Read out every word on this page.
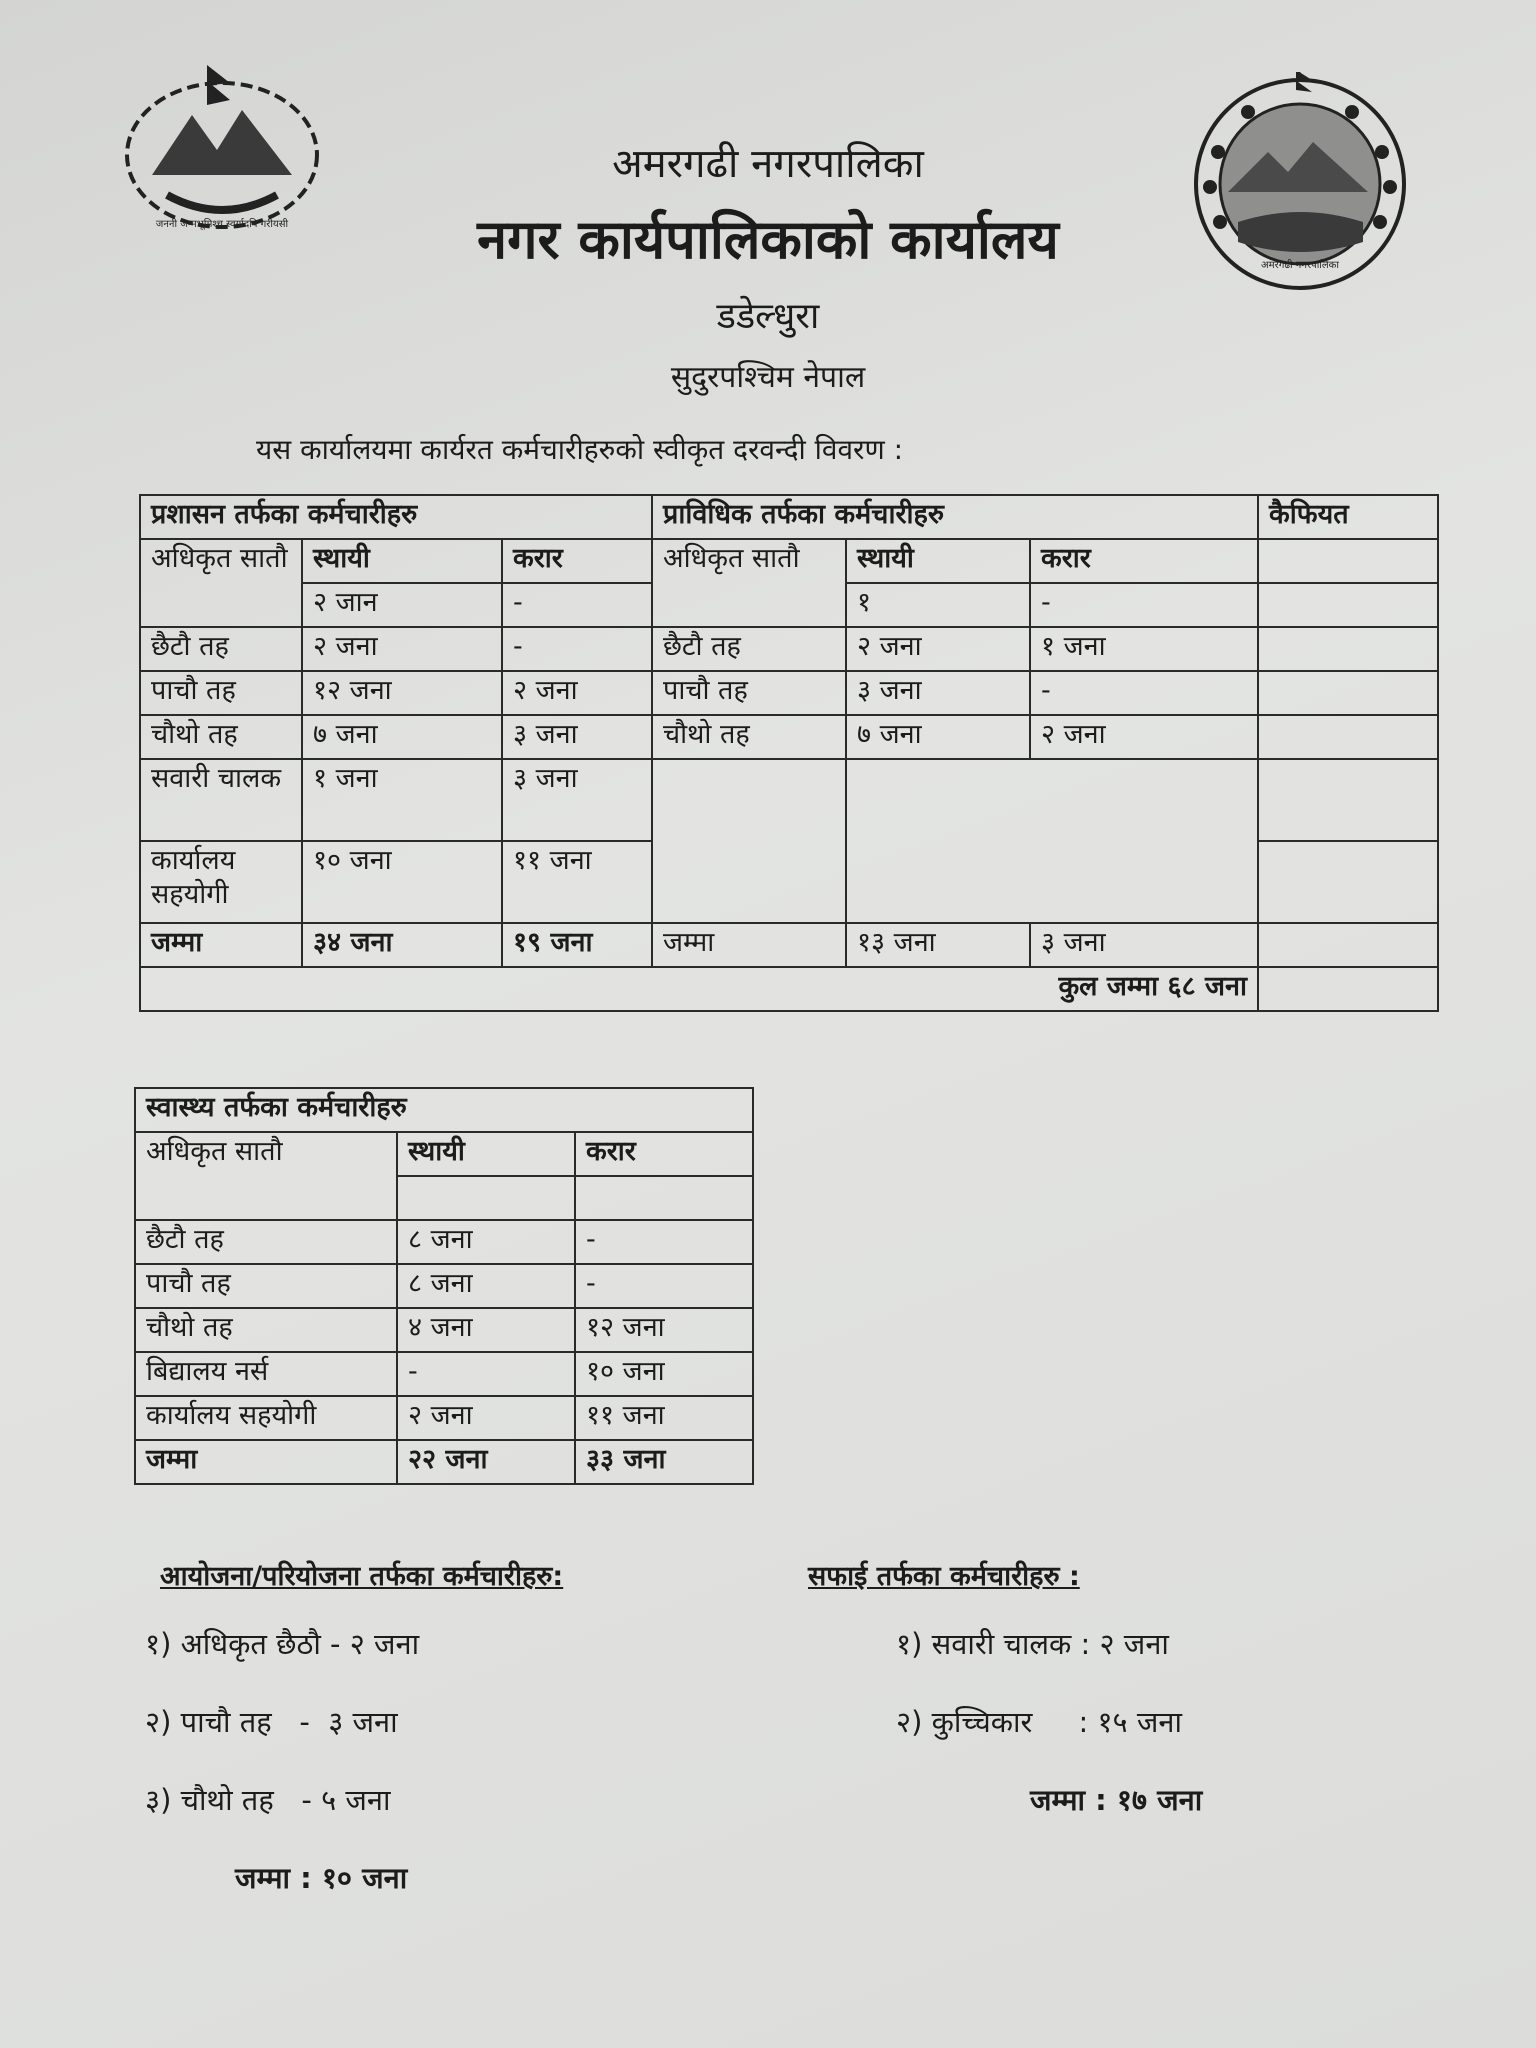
जननी जन्मभूमिश्च स्वर्गादपि गरीयसी
अमरगढी नगरपालिका
अमरगढी नगरपालिका
नगर कार्यपालिकाको कार्यालय
डडेल्धुरा
सुदुरपश्चिम नेपाल
यस कार्यालयमा कार्यरत कर्मचारीहरुको स्वीकृत दरवन्दी विवरण :
प्रशासन तर्फका कर्मचारीहरु			प्राविधिक तर्फका कर्मचारीहरु			कैफियत
अधिकृत सातौ	स्थायी	करार	अधिकृत सातौ	स्थायी	करार	
	२ जान	-		१	-	
छैटौ तह	२ जना	-	छैटौ तह	२ जना	१ जना	
पाचौ तह	१२ जना	२ जना	पाचौ तह	३ जना	-	
चौथो तह	७ जना	३ जना	चौथो तह	७ जना	२ जना	
सवारी चालक	१ जना	३ जना				
कार्यालय सहयोगी	१० जना	११ जना				
जम्मा	३४ जना	१९ जना	जम्मा	१३ जना	३ जना	
कुल जम्मा ६८ जना						
स्वास्थ्य तर्फका कर्मचारीहरु		
अधिकृत सातौ	स्थायी	करार

छैटौ तह	८ जना	-
पाचौ तह	८ जना	-
चौथो तह	४ जना	१२ जना
बिद्यालय नर्स	-	१० जना
कार्यालय सहयोगी	२ जना	११ जना
जम्मा	२२ जना	३३ जना
आयोजना/परियोजना तर्फका कर्मचारीहरु:
१) अधिकृत छैठौ - २ जना
२) पाचौ तह   -  ३ जना
३) चौथो तह   - ५ जना
जम्मा : १० जना
सफाई तर्फका कर्मचारीहरु :
१) सवारी चालक : २ जना
२) कुच्चिकार     : १५ जना
जम्मा : १७ जना
